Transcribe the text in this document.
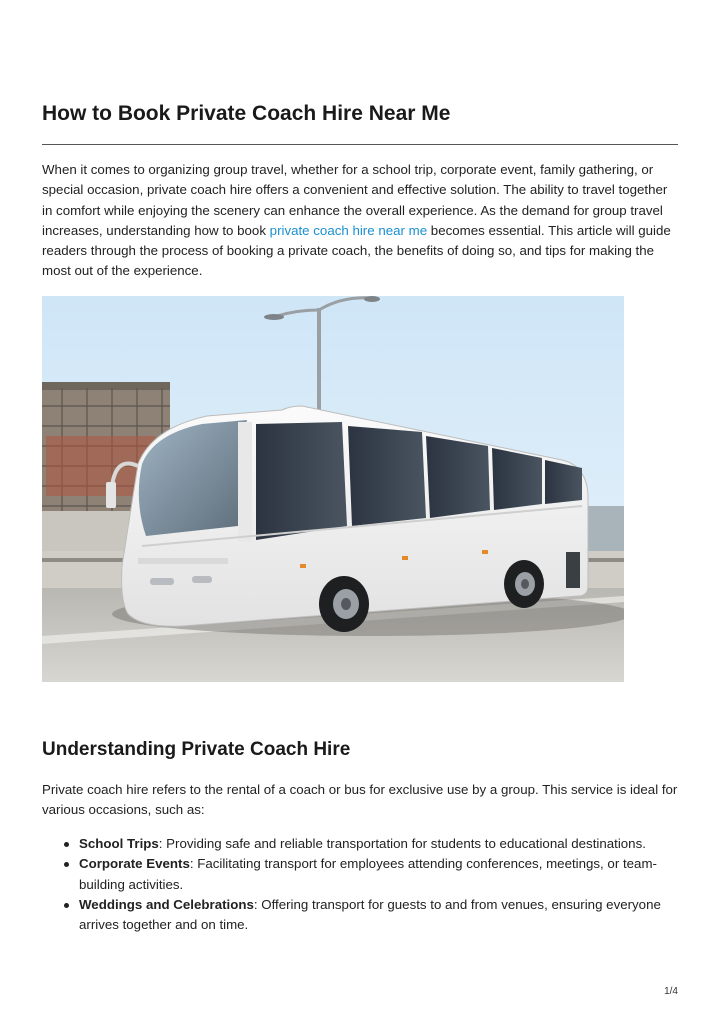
How to Book Private Coach Hire Near Me

When it comes to organizing group travel, whether for a school trip, corporate event, family gathering, or special occasion, private coach hire offers a convenient and effective solution. The ability to travel together in comfort while enjoying the scenery can enhance the overall experience. As the demand for group travel increases, understanding how to book private coach hire near me becomes essential. This article will guide readers through the process of booking a private coach, the benefits of doing so, and tips for making the most out of the experience.

Understanding Private Coach Hire

Private coach hire refers to the rental of a coach or bus for exclusive use by a group. This service is ideal for various occasions, such as:

School Trips: Providing safe and reliable transportation for students to educational destinations.
Corporate Events: Facilitating transport for employees attending conferences, meetings, or team-building activities.
Weddings and Celebrations: Offering transport for guests to and from venues, ensuring everyone arrives together and on time.
1/4
